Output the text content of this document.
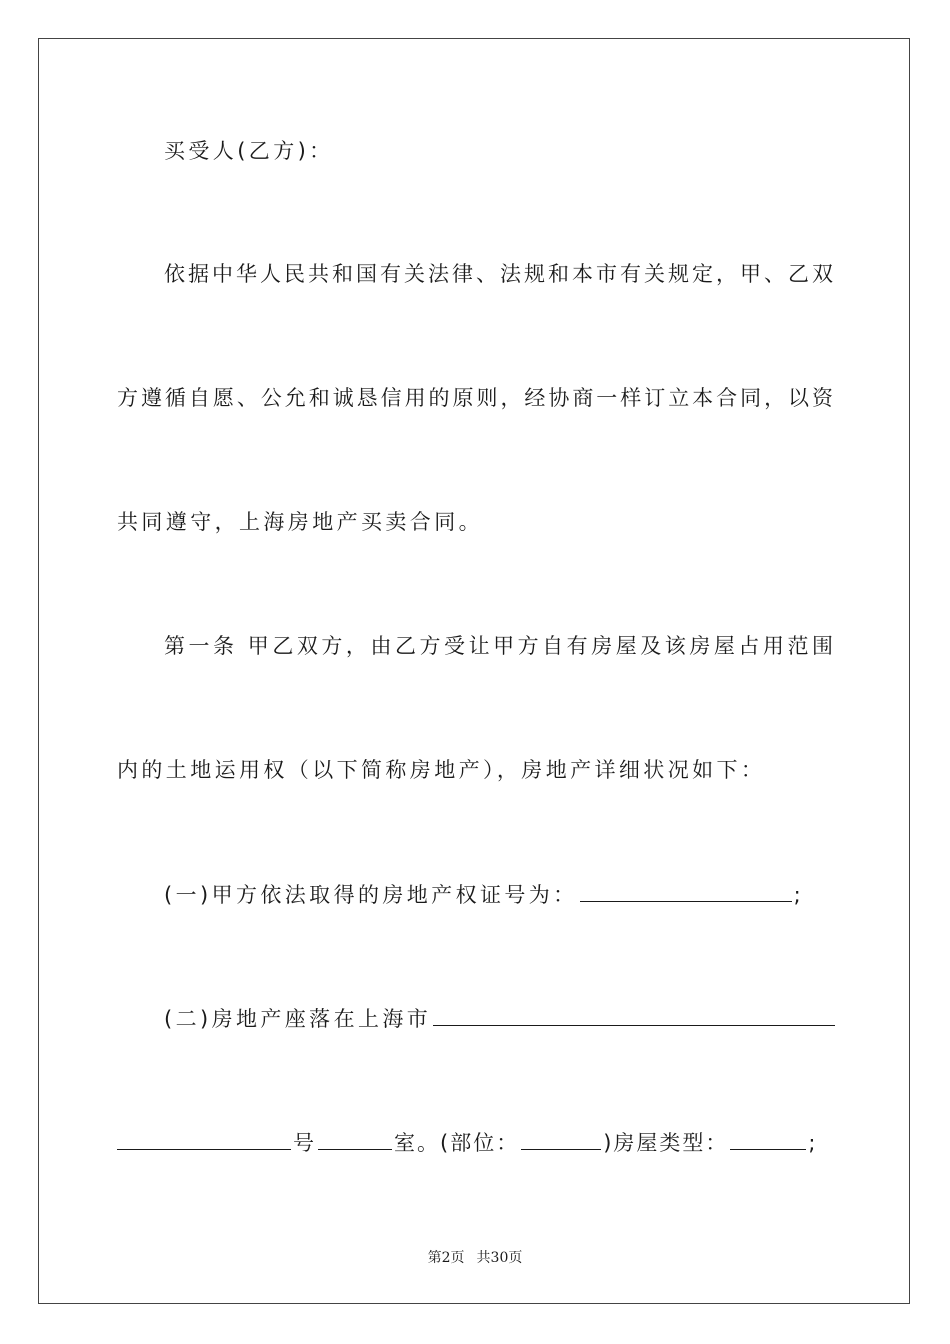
买受人(乙方)：
依据中华人民共和国有关法律、法规和本市有关规定，甲、乙双
方遵循自愿、公允和诚恳信用的原则，经协商一样订立本合同，以资
共同遵守，上海房地产买卖合同。
第一条 甲乙双方，由乙方受让甲方自有房屋及该房屋占用范围
内的土地运用权（以下简称房地产），房地产详细状况如下：
(一)甲方依法取得的房地产权证号为：	;
(二)房地产座落在上海市
号	室。(部位：	)房屋类型：	;
第2页 共30页
